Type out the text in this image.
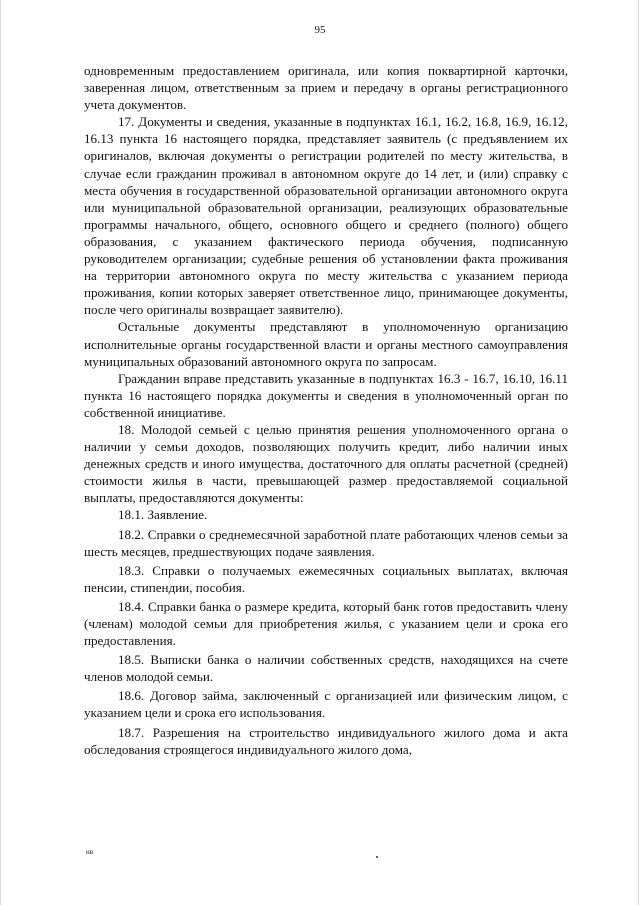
95

одновременным предоставлением оригинала, или копия поквартирной карточки, заверенная лицом, ответственным за прием и передачу в органы регистрационного учета документов.

17. Документы и сведения, указанные в подпунктах 16.1, 16.2, 16.8, 16.9, 16.12, 16.13 пункта 16 настоящего порядка, представляет заявитель (с предъявлением их оригиналов, включая документы о регистрации родителей по месту жительства, в случае если гражданин проживал в автономном округе до 14 лет, и (или) справку с места обучения в государственной образовательной организации автономного округа или муниципальной образовательной организации, реализующих образовательные программы начального, общего, основного общего и среднего (полного) общего образования, с указанием фактического периода обучения, подписанную руководителем организации; судебные решения об установлении факта проживания на территории автономного округа по месту жительства с указанием периода проживания, копии которых заверяет ответственное лицо, принимающее документы, после чего оригиналы возвращает заявителю).

Остальные документы представляют в уполномоченную организацию исполнительные органы государственной власти и органы местного самоуправления муниципальных образований автономного округа по запросам.

Гражданин вправе представить указанные в подпунктах 16.3 - 16.7, 16.10, 16.11 пункта 16 настоящего порядка документы и сведения в уполномоченный орган по собственной инициативе.

18. Молодой семьей с целью принятия решения уполномоченного органа о наличии у семьи доходов, позволяющих получить кредит, либо наличии иных денежных средств и иного имущества, достаточного для оплаты расчетной (средней) стоимости жилья в части, превышающей размер предоставляемой социальной выплаты, предоставляются документы:

18.1. Заявление.

18.2. Справки о среднемесячной заработной плате работающих членов семьи за шесть месяцев, предшествующих подаче заявления.

18.3. Справки о получаемых ежемесячных социальных выплатах, включая пенсии, стипендии, пособия.

18.4. Справки банка о размере кредита, который банк готов предоставить члену (членам) молодой семьи для приобретения жилья, с указанием цели и срока его предоставления.

18.5. Выписки банка о наличии собственных средств, находящихся на счете членов молодой семьи.

18.6. Договор займа, заключенный с организацией или физическим лицом, с указанием цели и срока его использования.

18.7. Разрешения на строительство индивидуального жилого дома и акта обследования строящегося индивидуального жилого дома,

нв
